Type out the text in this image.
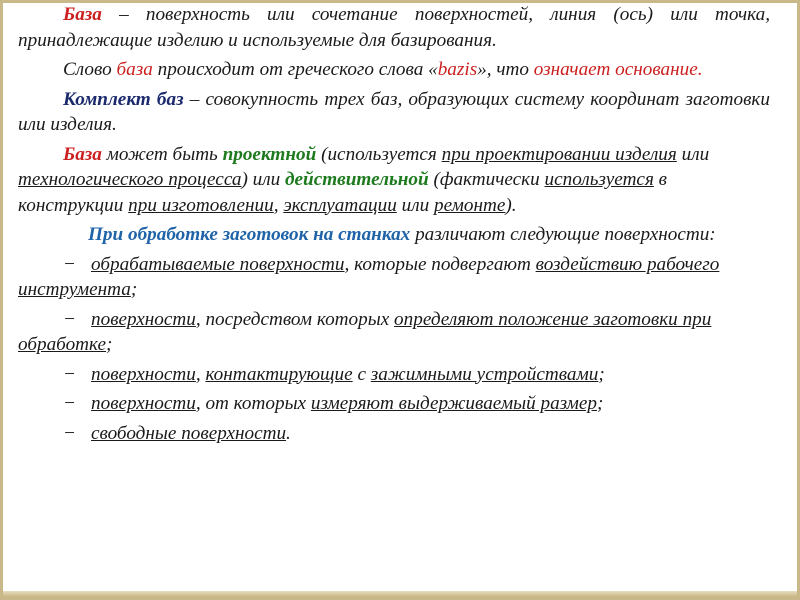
База – поверхность или сочетание поверхностей, линия (ось) или точка, принадлежащие изделию и используемые для базирования.

Слово база происходит от греческого слова «bazis», что означает основание.

Комплект баз – совокупность трех баз, образующих систему координат заготовки или изделия.

База может быть проектной (используется при проектировании изделия или технологического процесса) или действительной (фактически используется в конструкции при изготовлении, эксплуатации или ремонте).

При обработке заготовок на станках различают следующие поверхности:

− обрабатываемые поверхности, которые подвергают воздействию рабочего инструмента;

− поверхности, посредством которых определяют положение заготовки при обработке;

− поверхности, контактирующие с зажимными устройствами;

− поверхности, от которых измеряют выдерживаемый размер;

− свободные поверхности.
